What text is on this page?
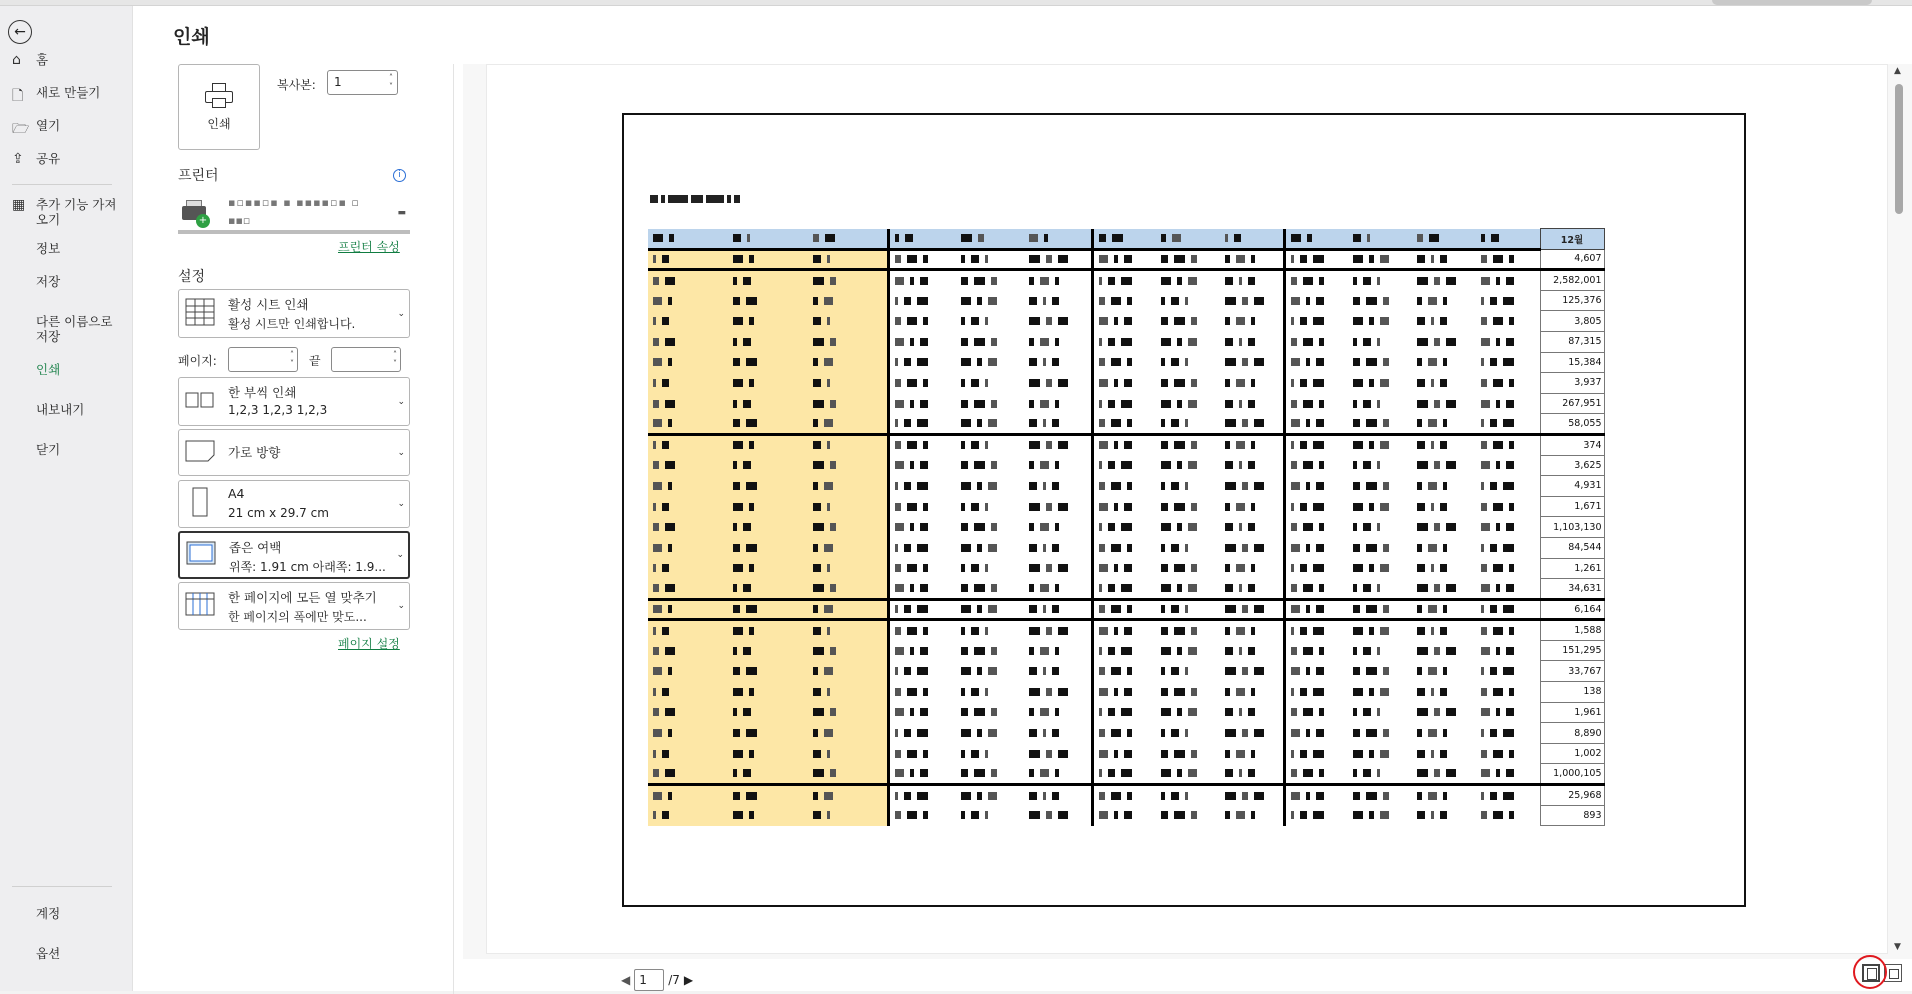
←
⌂	홈
🗋	새로 만들기
🗁 열기
⇪ 공유
▦ 추가 기능 가져오기
정보
저장
다른 이름으로 저장
인쇄
내보내기
닫기
계정
옵션
인쇄
인쇄
복사본:	1	˄
˅
프린터	i
+
▪▫▪▪▫▪ ▪ ▪▪▪▪▫▪ ▫
▪▪▫
▬
프린터 속성
설정
활성 시트 인쇄
활성 시트만 인쇄합니다.
⌄
페이지:	˄
˅ 끝	˄
˅
한 부씩 인쇄
1,2,3 1,2,3 1,2,3
⌄
가로 방향	⌄
A4
21 cm x 29.7 cm
⌄
좁은 여백
위쪽: 1.91 cm 아래쪽: 1.9...
⌄
한 페이지에 모든 열 맞추기
한 페이지의 폭에만 맞도...
⌄
페이지 설정
▲
▼
													12월
													4,607
													2,582,001
													125,376
													3,805
													87,315
													15,384
													3,937
													267,951
													58,055
													374
													3,625
													4,931
													1,671
													1,103,130
													84,544
													1,261
													34,631
													6,164
													1,588
													151,295
													33,767
													138
													1,961
													8,890
													1,002
													1,000,105
													25,968
													893
◀ 1	/7 ▶
